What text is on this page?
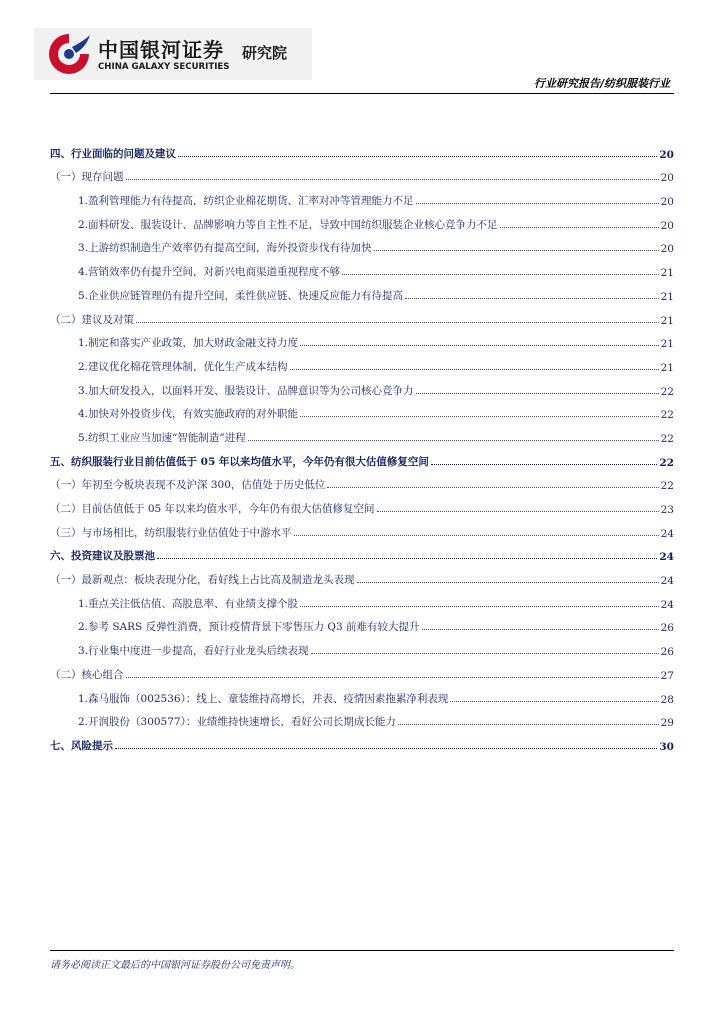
中国银河证券
CHINA GALAXY SECURITIES
研究院
行业研究报告/纺织服装行业
四、行业面临的问题及建议	20
（一）现存问题	20
1.盈利管理能力有待提高，纺织企业棉花期货、汇率对冲等管理能力不足	20
2.面料研发、服装设计、品牌影响力等自主性不足，导致中国纺织服装企业核心竞争力不足	20
3.上游纺织制造生产效率仍有提高空间，海外投资步伐有待加快	20
4.营销效率仍有提升空间，对新兴电商渠道重视程度不够	21
5.企业供应链管理仍有提升空间，柔性供应链、快速反应能力有待提高	21
（二）建议及对策	21
1.制定和落实产业政策，加大财政金融支持力度	21
2.建议优化棉花管理体制，优化生产成本结构	21
3.加大研发投入，以面料开发、服装设计、品牌意识等为公司核心竞争力	22
4.加快对外投资步伐，有效实施政府的对外职能	22
5.纺织工业应当加速“智能制造”进程	22
五、纺织服装行业目前估值低于 05 年以来均值水平，今年仍有很大估值修复空间	22
（一）年初至今板块表现不及沪深 300，估值处于历史低位	22
（二）目前估值低于 05 年以来均值水平，今年仍有很大估值修复空间	23
（三）与市场相比，纺织服装行业估值处于中游水平	24
六、投资建议及股票池	24
（一）最新观点：板块表现分化，看好线上占比高及制造龙头表现	24
1.重点关注低估值、高股息率、有业绩支撑个股	24
2.参考 SARS 反弹性消费，预计疫情背景下零售压力 Q3 前难有较大提升	26
3.行业集中度进一步提高，看好行业龙头后续表现	26
（二）核心组合	27
1.森马服饰（002536）：线上、童装维持高增长，并表、疫情因素拖累净利表现	28
2.开润股份（300577）：业绩维持快速增长，看好公司长期成长能力	29
七、风险提示	30
请务必阅读正文最后的中国银河证券股份公司免责声明。
